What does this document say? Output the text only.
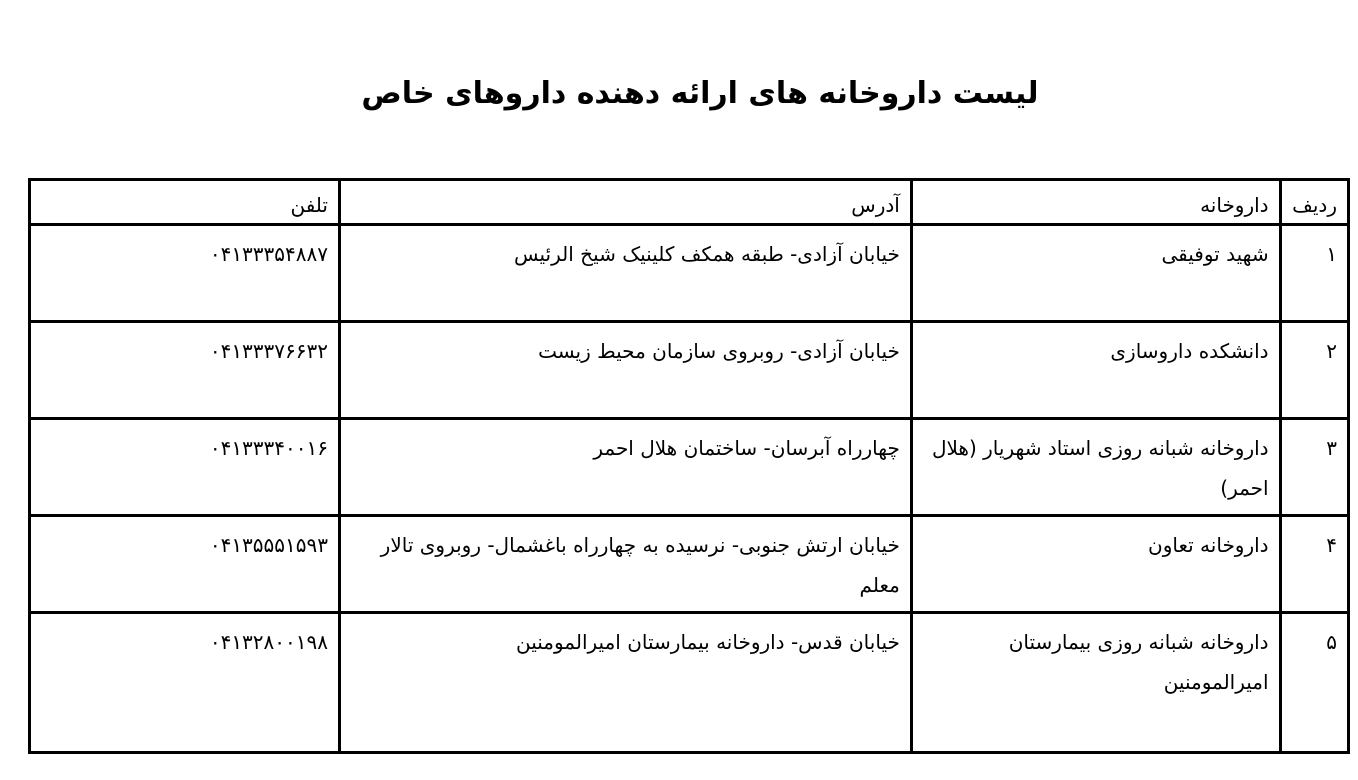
لیست داروخانه های ارائه دهنده داروهای خاص
ردیف	داروخانه	آدرس	تلفن
۱	شهید توفیقی	خیابان آزادی- طبقه همکف کلینیک شیخ الرئیس	۰۴۱۳۳۳۵۴۸۸۷
۲	دانشکده داروسازی	خیابان آزادی- روبروی سازمان محیط زیست	۰۴۱۳۳۳۷۶۶۳۲
۳	داروخانه شبانه روزی استاد شهریار (هلال احمر)	چهارراه آبرسان- ساختمان هلال احمر	۰۴۱۳۳۳۴۰۰۱۶
۴	داروخانه تعاون	خیابان ارتش جنوبی- نرسیده به چهارراه باغشمال- روبروی تالار معلم	۰۴۱۳۵۵۵۱۵۹۳
۵	داروخانه شبانه روزی بیمارستان امیرالمومنین	خیابان قدس- داروخانه بیمارستان امیرالمومنین	۰۴۱۳۲۸۰۰۱۹۸
